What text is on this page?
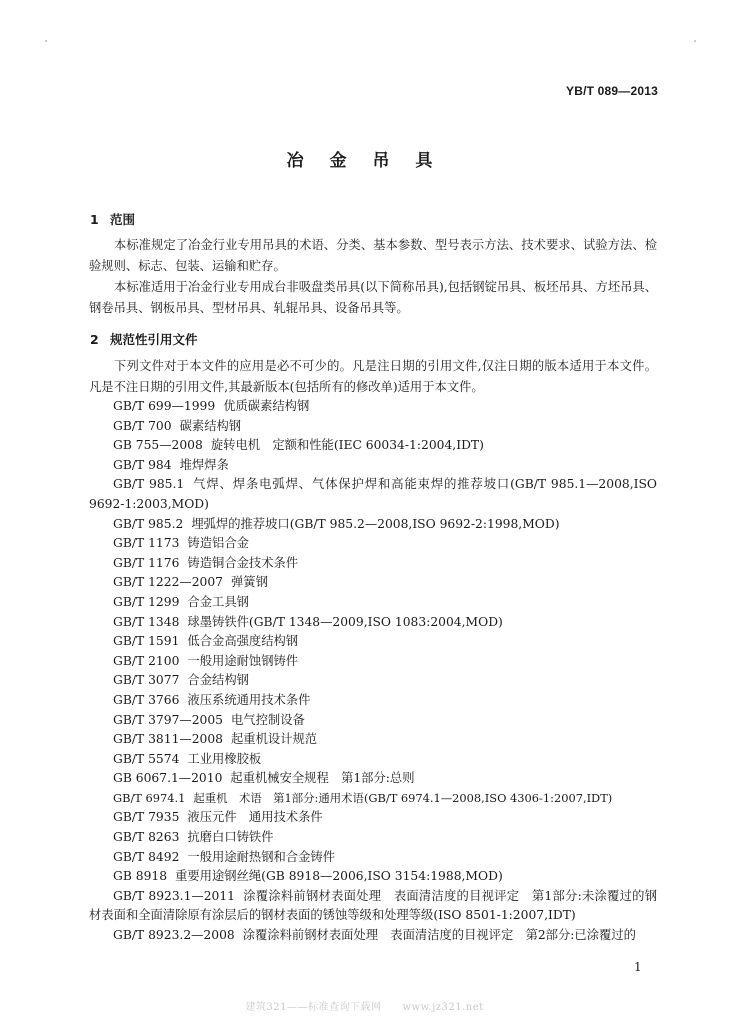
YB/T 089—2013
冶 金 吊 具
1 范围

本标准规定了冶金行业专用吊具的术语、分类、基本参数、型号表示方法、技术要求、试验方法、检验规则、标志、包装、运输和贮存。

本标准适用于冶金行业专用成台非吸盘类吊具(以下简称吊具),包括钢锭吊具、板坯吊具、方坯吊具、钢卷吊具、钢板吊具、型材吊具、轧辊吊具、设备吊具等。

2 规范性引用文件

下列文件对于本文件的应用是必不可少的。凡是注日期的引用文件,仅注日期的版本适用于本文件。凡是不注日期的引用文件,其最新版本(包括所有的修改单)适用于本文件。

GB/T 699—1999 优质碳素结构钢
GB/T 700 碳素结构钢
GB 755—2008 旋转电机　定额和性能(IEC 60034-1:2004,IDT)
GB/T 984 堆焊焊条
GB/T 985.1 气焊、焊条电弧焊、气体保护焊和高能束焊的推荐坡口(GB/T 985.1—2008,ISO 9692-1:2003,MOD)
GB/T 985.2 埋弧焊的推荐坡口(GB/T 985.2—2008,ISO 9692-2:1998,MOD)
GB/T 1173 铸造铝合金
GB/T 1176 铸造铜合金技术条件
GB/T 1222—2007 弹簧钢
GB/T 1299 合金工具钢
GB/T 1348 球墨铸铁件(GB/T 1348—2009,ISO 1083:2004,MOD)
GB/T 1591 低合金高强度结构钢
GB/T 2100 一般用途耐蚀钢铸件
GB/T 3077 合金结构钢
GB/T 3766 液压系统通用技术条件
GB/T 3797—2005 电气控制设备
GB/T 3811—2008 起重机设计规范
GB/T 5574 工业用橡胶板
GB 6067.1—2010 起重机械安全规程　第1部分:总则
GB/T 6974.1 起重机　术语　第1部分:通用术语(GB/T 6974.1—2008,ISO 4306-1:2007,IDT)
GB/T 7935 液压元件　通用技术条件
GB/T 8263 抗磨白口铸铁件
GB/T 8492 一般用途耐热钢和合金铸件
GB 8918 重要用途钢丝绳(GB 8918—2006,ISO 3154:1988,MOD)
GB/T 8923.1—2011 涂覆涂料前钢材表面处理　表面清洁度的目视评定　第1部分:未涂覆过的钢材表面和全面清除原有涂层后的钢材表面的锈蚀等级和处理等级(ISO 8501-1:2007,IDT)
GB/T 8923.2—2008 涂覆涂料前钢材表面处理　表面清洁度的目视评定　第2部分:已涂覆过的
1
建筑321——标准查询下载网　　www.jz321.net
